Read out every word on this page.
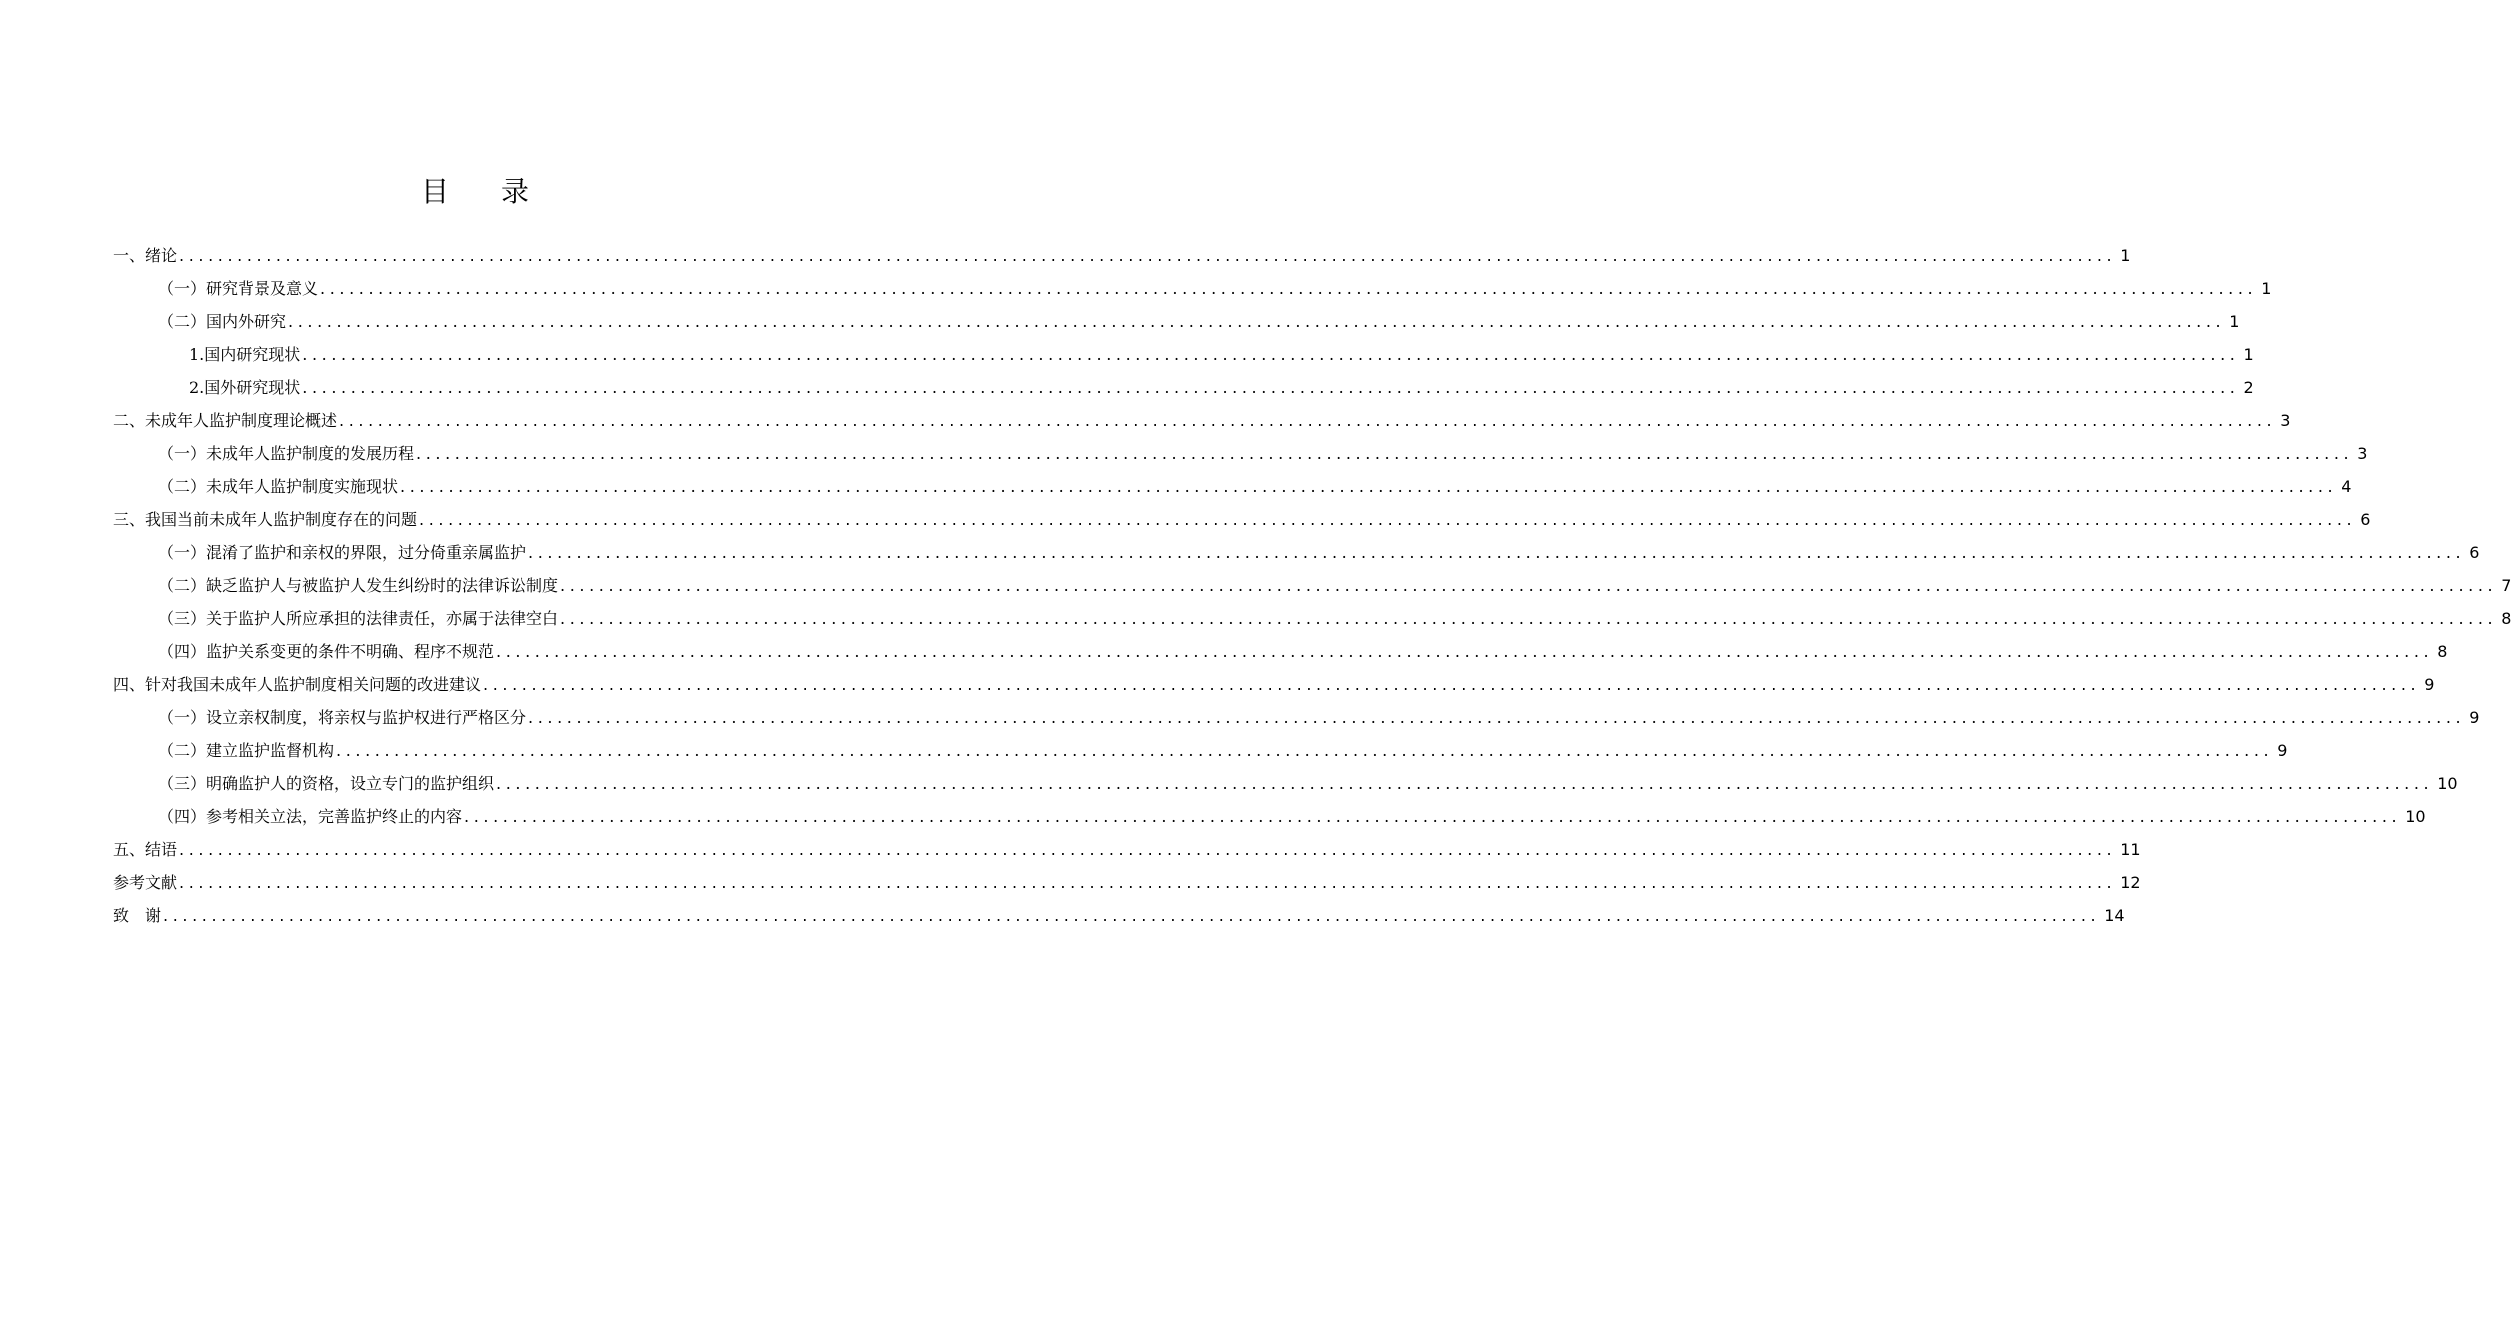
目 录
一、绪论 ........................................................................................................................................................................................................ 1
（一）研究背景及意义 ........................................................................................................................................................................................................ 1
（二）国内外研究 ........................................................................................................................................................................................................ 1
1.国内研究现状 ........................................................................................................................................................................................................ 1
2.国外研究现状 ........................................................................................................................................................................................................ 2
二、未成年人监护制度理论概述 ........................................................................................................................................................................................................ 3
（一）未成年人监护制度的发展历程 ........................................................................................................................................................................................................ 3
（二）未成年人监护制度实施现状 ........................................................................................................................................................................................................ 4
三、我国当前未成年人监护制度存在的问题 ........................................................................................................................................................................................................ 6
（一）混淆了监护和亲权的界限，过分倚重亲属监护 ........................................................................................................................................................................................................ 6
（二）缺乏监护人与被监护人发生纠纷时的法律诉讼制度 ........................................................................................................................................................................................................ 7
（三）关于监护人所应承担的法律责任，亦属于法律空白 ........................................................................................................................................................................................................ 8
（四）监护关系变更的条件不明确、程序不规范 ........................................................................................................................................................................................................ 8
四、针对我国未成年人监护制度相关问题的改进建议 ........................................................................................................................................................................................................ 9
（一）设立亲权制度，将亲权与监护权进行严格区分 ........................................................................................................................................................................................................ 9
（二）建立监护监督机构 ........................................................................................................................................................................................................ 9
（三）明确监护人的资格，设立专门的监护组织 ........................................................................................................................................................................................................ 10
（四）参考相关立法，完善监护终止的内容 ........................................................................................................................................................................................................ 10
五、结语 ........................................................................................................................................................................................................ 11
参考文献 ........................................................................................................................................................................................................ 12
致　谢 ........................................................................................................................................................................................................ 14
